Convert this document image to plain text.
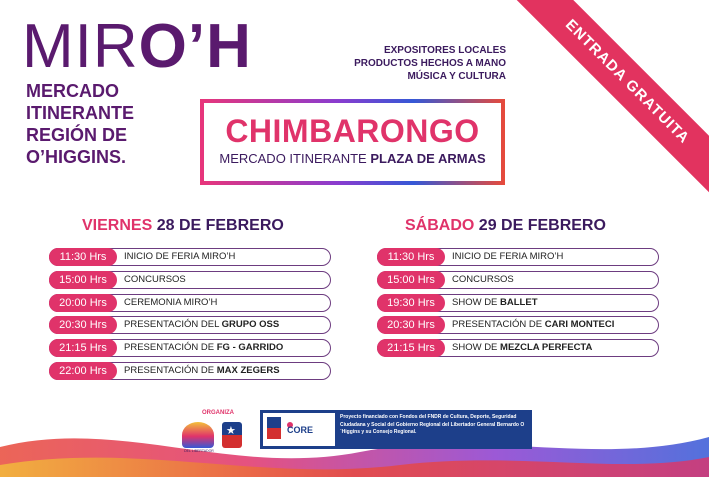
MIRO’H
MERCADO
ITINERANTE
REGIÓN DE
O’HIGGINS.
EXPOSITORES LOCALES
PRODUCTOS HECHOS A MANO
MÚSICA Y CULTURA
CHIMBARONGO
MERCADO ITINERANTE PLAZA DE ARMAS
ENTRADA GRATUITA
VIERNES 28 DE FEBRERO	SÁBADO 29 DE FEBRERO
11:30 Hrs	INICIO DE FERIA MIRO’H
15:00 Hrs	CONCURSOS
20:00 Hrs	CEREMONIA MIRO’H
20:30 Hrs	PRESENTACIÓN DEL GRUPO OSS
21:15 Hrs	PRESENTACIÓN DE FG - GARRIDO
22:00 Hrs	PRESENTACIÓN DE MAX ZEGERS
11:30 Hrs	INICIO DE FERIA MIRO’H
15:00 Hrs	CONCURSOS
19:30 Hrs	SHOW DE BALLET
20:30 Hrs	PRESENTACIÓN DE CARI MONTECI
21:15 Hrs	SHOW DE MEZCLA PERFECTA
ORGANIZA
DEL LIBERTADOR
★
CORE
Proyecto financiado con Fondos del FNDR de Cultura, Deporte, Seguridad Ciudadana y Social del Gobierno Regional del Libertador General Bernardo O´Higgins y su Consejo Regional.
